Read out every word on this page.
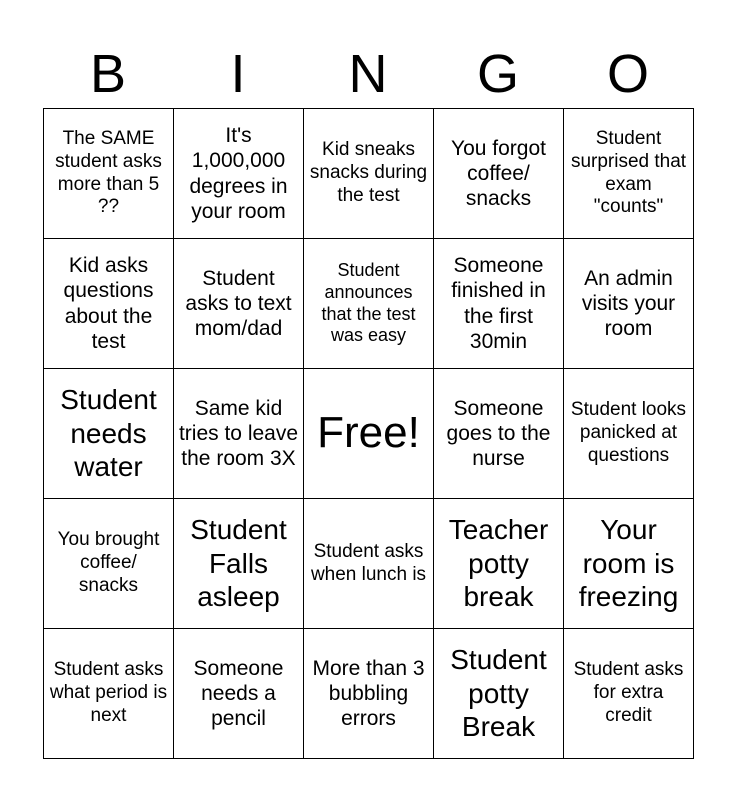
B	I	N	G	O
The SAME student asks more than 5 ??	It's 1,000,000 degrees in your room	Kid sneaks snacks during the test	You forgot coffee/ snacks	Student surprised that exam "counts"
Kid asks questions about the test	Student asks to text mom/dad	Student announces that the test was easy	Someone finished in the first 30min	An admin visits your room
Student needs water	Same kid tries to leave the room 3X	Free!	Someone goes to the nurse	Student looks panicked at questions
You brought coffee/ snacks	Student Falls asleep	Student asks when lunch is	Teacher potty break	Your room is freezing
Student asks what period is next	Someone needs a pencil	More than 3 bubbling errors	Student potty Break	Student asks for extra credit
